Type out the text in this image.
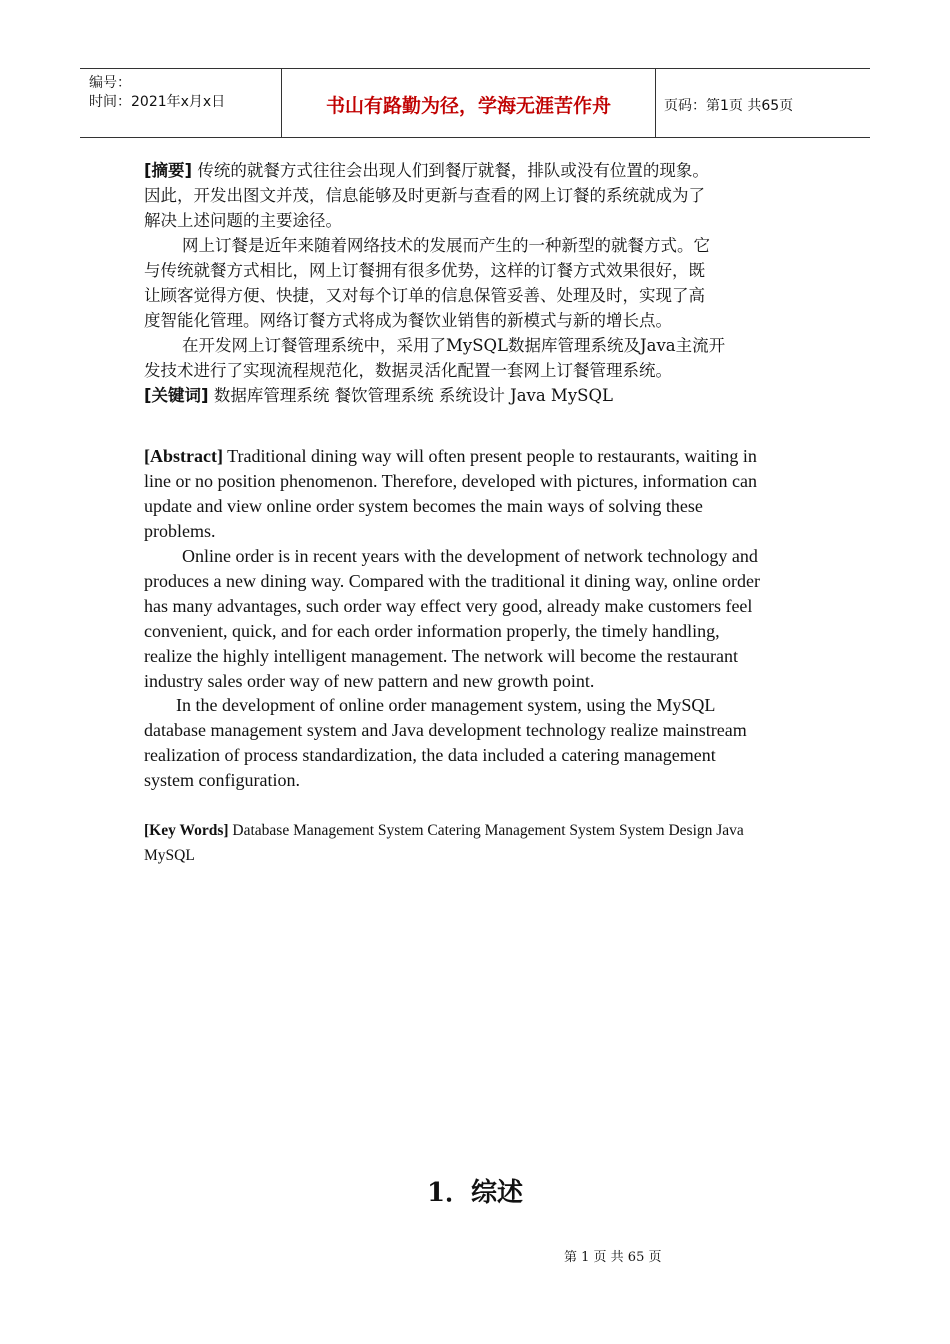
编号：
时间：2021年x月x日	书山有路勤为径，学海无涯苦作舟	页码：第1页 共65页
[摘要] 传统的就餐方式往往会出现人们到餐厅就餐，排队或没有位置的现象。
因此，开发出图文并茂，信息能够及时更新与查看的网上订餐的系统就成为了
解决上述问题的主要途径。
网上订餐是近年来随着网络技术的发展而产生的一种新型的就餐方式。它
与传统就餐方式相比，网上订餐拥有很多优势，这样的订餐方式效果很好，既
让顾客觉得方便、快捷，又对每个订单的信息保管妥善、处理及时，实现了高
度智能化管理。网络订餐方式将成为餐饮业销售的新模式与新的增长点。
在开发网上订餐管理系统中，采用了MySQL数据库管理系统及Java主流开
发技术进行了实现流程规范化，数据灵活化配置一套网上订餐管理系统。
[关键词] 数据库管理系统 餐饮管理系统 系统设计 Java MySQL
[Abstract] Traditional dining way will often present people to restaurants, waiting in
line or no position phenomenon. Therefore, developed with pictures, information can
update and view online order system becomes the main ways of solving these
problems.
Online order is in recent years with the development of network technology and
produces a new dining way. Compared with the traditional it dining way, online order
has many advantages, such order way effect very good, already make customers feel
convenient, quick, and for each order information properly, the timely handling,
realize the highly intelligent management. The network will become the restaurant
industry sales order way of new pattern and new growth point.
In the development of online order management system, using the MySQL
database management system and Java development technology realize mainstream
realization of process standardization, the data included a catering management
system configuration.
[Key Words] Database Management System Catering Management System System Design Java
MySQL
1．综述
第 1 页 共 65 页
